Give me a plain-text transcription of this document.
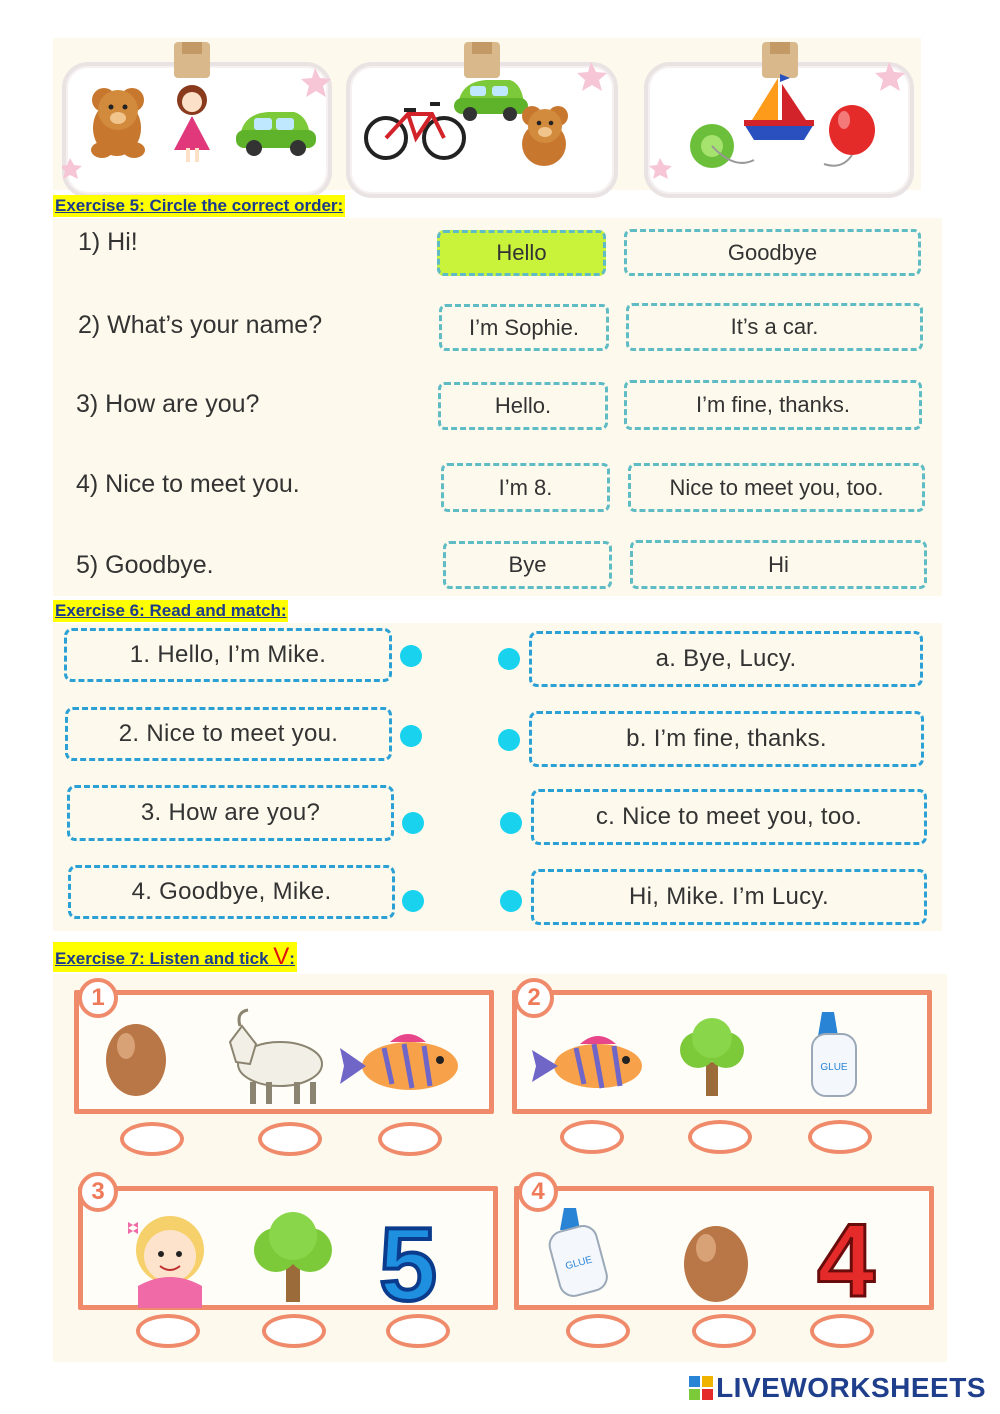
Exercise 5: Circle the correct order:
1) Hi!	Hello	Goodbye
2) What’s your name?	I’m Sophie.	It’s a car.
3) How are you?	Hello.	I’m fine, thanks.
4) Nice to meet you.	I’m 8.	Nice to meet you, too.
5) Goodbye.	Bye	Hi
Exercise 6: Read and match:
1. Hello, I’m Mike.	a. Bye, Lucy.
2. Nice to meet you.	b. I’m fine, thanks.
3. How are you?	c. Nice to meet you, too.
4. Goodbye, Mike.	Hi, Mike. I’m Lucy.
Exercise 7: Listen and tick V:
1	2
GLUE
3
5
4
GLUE 4
LIVEWORKSHEETS
